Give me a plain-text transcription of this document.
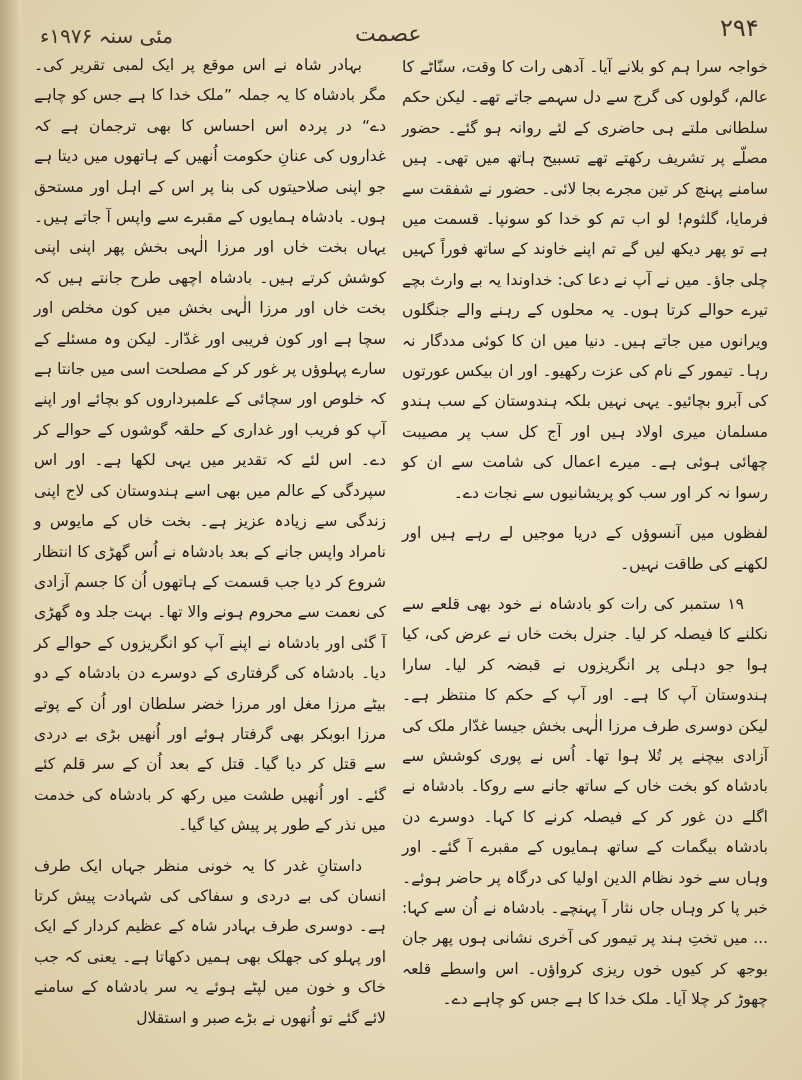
مئی سنہ ۱۹۷۶ء	عصمت	۲۹۴

خواجہ سرا ہم کو بلانے آیا۔ آدھی رات کا وقت، سنّاٹے کا عالم، گولوں کی گرج سے دل سہمے جاتے تھے۔ لیکن حکم سلطانی ملتے ہی حاضری کے لئے روانہ ہو گئے۔ حضور مصلّے پر تشریف رکھتے تھے تسبیح ہاتھ میں تھی۔ ہیں سامنے پہنچ کر تین مجرے بجا لائی۔ حضور نے شفقت سے فرمایا، گلثوم! لو اب تم کو خدا کو سونپا۔ قسمت میں ہے تو پھر دیکھ لیں گے تم اپنے خاوند کے ساتھ فوراً کہیں چلی جاؤ۔ میں نے آپ نے دعا کی: خداوندا یہ بے وارث بچے تیرے حوالے کرتا ہوں۔ یہ محلوں کے رہنے والے جنگلوں ویرانوں میں جاتے ہیں۔ دنیا میں ان کا کوئی مددگار نہ رہا۔ تیمور کے نام کی عزت رکھیو۔ اور ان بیکس عورتوں کی آبرو بچائیو۔ یہی نہیں بلکہ ہندوستان کے سب ہندو مسلمان میری اولاد ہیں اور آج کل سب پر مصیبت چھائی ہوئی ہے۔ میرے اعمال کی شامت سے ان کو رسوا نہ کر اور سب کو پریشانیوں سے نجات دے۔

لفظوں میں آنسوؤں کے دریا موجیں لے رہے ہیں اور لکھنے کی طاقت نہیں۔

۱۹ ستمبر کی رات کو بادشاہ نے خود بھی قلعے سے نکلنے کا فیصلہ کر لیا۔ جنرل بخت خاں نے عرض کی، کیا ہوا جو دہلی پر انگریزوں نے قبضہ کر لیا۔ سارا ہندوستان آپ کا ہے۔ اور آپ کے حکم کا منتظر ہے۔ لیکن دوسری طرف مرزا الٰہی بخش جیسا غدّار ملک کی آزادی بیچنے پر تُلا ہوا تھا۔ اُس نے پوری کوشش سے بادشاہ کو بخت خاں کے ساتھ جانے سے روکا۔ بادشاہ نے اگلے دن غور کر کے فیصلہ کرنے کا کہا۔ دوسرے دن بادشاہ بیگمات کے ساتھ ہمایوں کے مقبرے آ گئے۔ اور وہاں سے خود نظام الدین اولیا کی درگاہ پر حاضر ہوئے۔ خبر پا کر وہاں جاں نثار آ پہنچے۔ بادشاہ نے اُن سے کہا: ... میں تختِ ہند پر تیمور کی آخری نشانی ہوں پھر جان بوجھ کر کیوں خوں ریزی کرواؤں۔ اس واسطے قلعہ چھوڑ کر چلا آیا۔ ملک خدا کا ہے جس کو چاہے دے۔

بہادر شاہ نے اس موقع پر ایک لمبی تقریر کی۔ مگر بادشاہ کا یہ جملہ ”ملک خدا کا ہے جس کو چاہے دے“ در پردہ اس احساس کا بھی ترجمان ہے کہ غداروں کی عنانِ حکومت اُنھیں کے ہاتھوں میں دیتا ہے جو اپنی صلاحیتوں کی بنا پر اس کے اہل اور مستحق ہوں۔ بادشاہ ہمایوں کے مقبرے سے واپس آ جاتے ہیں۔ یہاں بخت خاں اور مرزا الٰہی بخش پھر اپنی اپنی کوشش کرتے ہیں۔ بادشاہ اچھی طرح جانتے ہیں کہ بخت خاں اور مرزا الٰہی بخش میں کون مخلص اور سچا ہے اور کون فریبی اور غدّار۔ لیکن وہ مسئلے کے سارے پہلوؤں پر غور کر کے مصلحت اسی میں جانتا ہے کہ خلوص اور سچائی کے علمبرداروں کو بچائے اور اپنے آپ کو فریب اور غداری کے حلقہ گوشوں کے حوالے کر دے۔ اس لئے کہ تقدیر میں یہی لکھا ہے۔ اور اس سپردگی کے عالم میں بھی اسے ہندوستان کی لاج اپنی زندگی سے زیادہ عزیز ہے۔ بخت خاں کے مایوس و نامراد واپس جانے کے بعد بادشاہ نے اُس گھڑی کا انتظار شروع کر دیا جب قسمت کے ہاتھوں اُن کا جسم آزادی کی نعمت سے محروم ہونے والا تھا۔ بہت جلد وہ گھڑی آ گئی اور بادشاہ نے اپنے آپ کو انگریزوں کے حوالے کر دیا۔ بادشاہ کی گرفتاری کے دوسرے دن بادشاہ کے دو بیٹے مرزا مغل اور مرزا خضر سلطان اور اُن کے پوتے مرزا ابوبکر بھی گرفتار ہوئے اور اُنھیں بڑی بے دردی سے قتل کر دیا گیا۔ قتل کے بعد اُن کے سر قلم کئے گئے۔ اور اُنھیں طشت میں رکھ کر بادشاہ کی خدمت میں نذر کے طور پر پیش کیا گیا۔

داستانِ غدر کا یہ خونی منظر جہاں ایک طرف انسان کی بے دردی و سفاکی کی شہادت پیش کرتا ہے۔ دوسری طرف بہادر شاہ کے عظیم کردار کے ایک اور پہلو کی جھلک بھی ہمیں دکھاتا ہے۔ یعنی کہ جب خاک و خون میں لپٹے ہوئے یہ سر بادشاہ کے سامنے لائے گئے تو اُنھوں نے بڑے صبر و استقلال
